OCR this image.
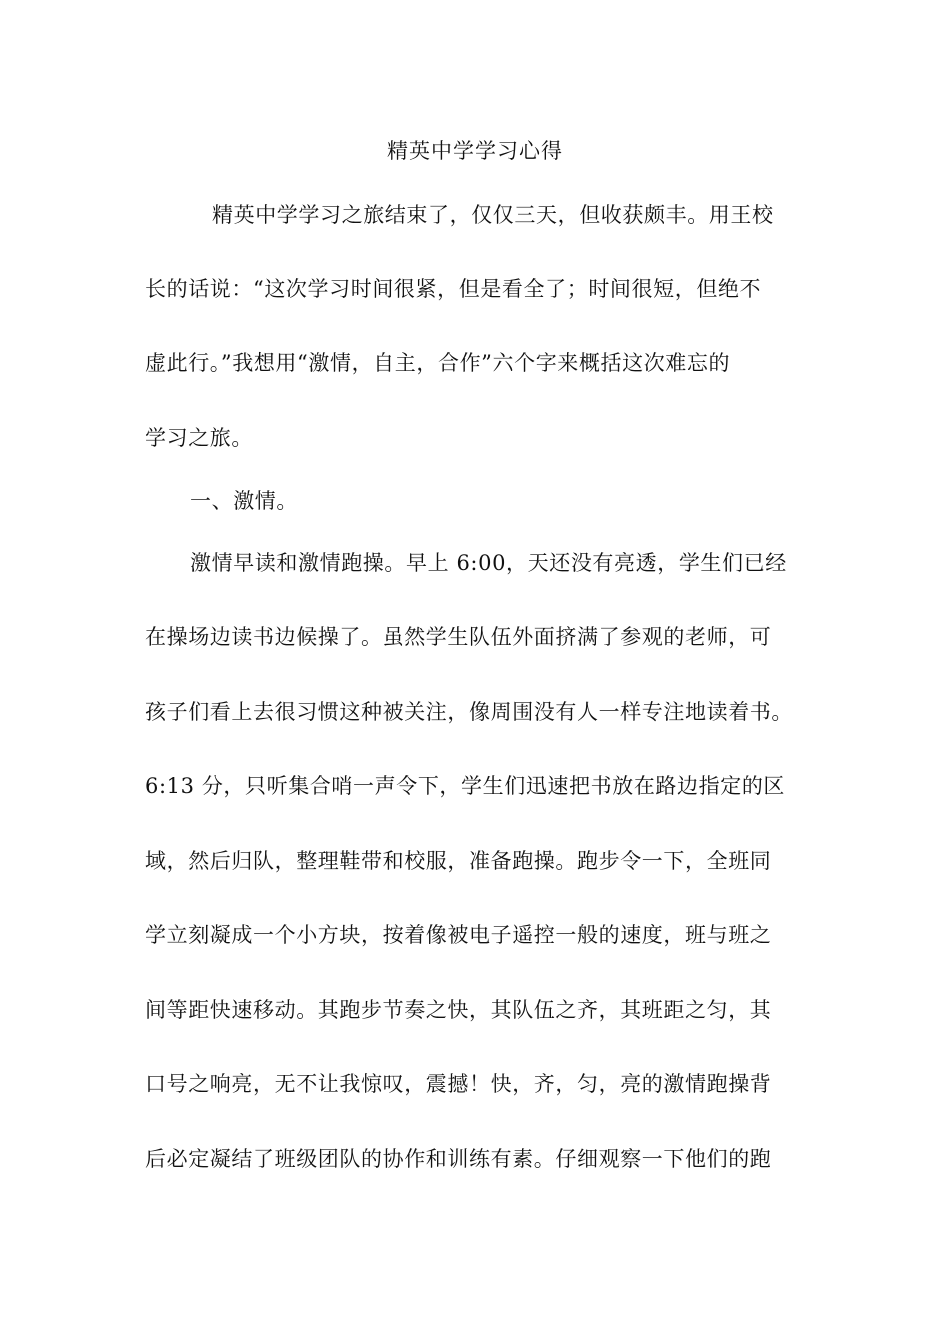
精英中学学习心得

精英中学学习之旅结束了，仅仅三天，但收获颇丰。用王校

长的话说：“这次学习时间很紧，但是看全了；时间很短，但绝不

虚此行。”我想用“激情，自主，合作”六个字来概括这次难忘的

学习之旅。

一、激情。

激情早读和激情跑操。早上 6:00，天还没有亮透，学生们已经

在操场边读书边候操了。虽然学生队伍外面挤满了参观的老师，可

孩子们看上去很习惯这种被关注，像周围没有人一样专注地读着书。

6:13 分，只听集合哨一声令下，学生们迅速把书放在路边指定的区

域，然后归队，整理鞋带和校服，准备跑操。跑步令一下，全班同

学立刻凝成一个小方块，按着像被电子遥控一般的速度，班与班之

间等距快速移动。其跑步节奏之快，其队伍之齐，其班距之匀，其

口号之响亮，无不让我惊叹，震撼！快，齐，匀，亮的激情跑操背

后必定凝结了班级团队的协作和训练有素。仔细观察一下他们的跑
